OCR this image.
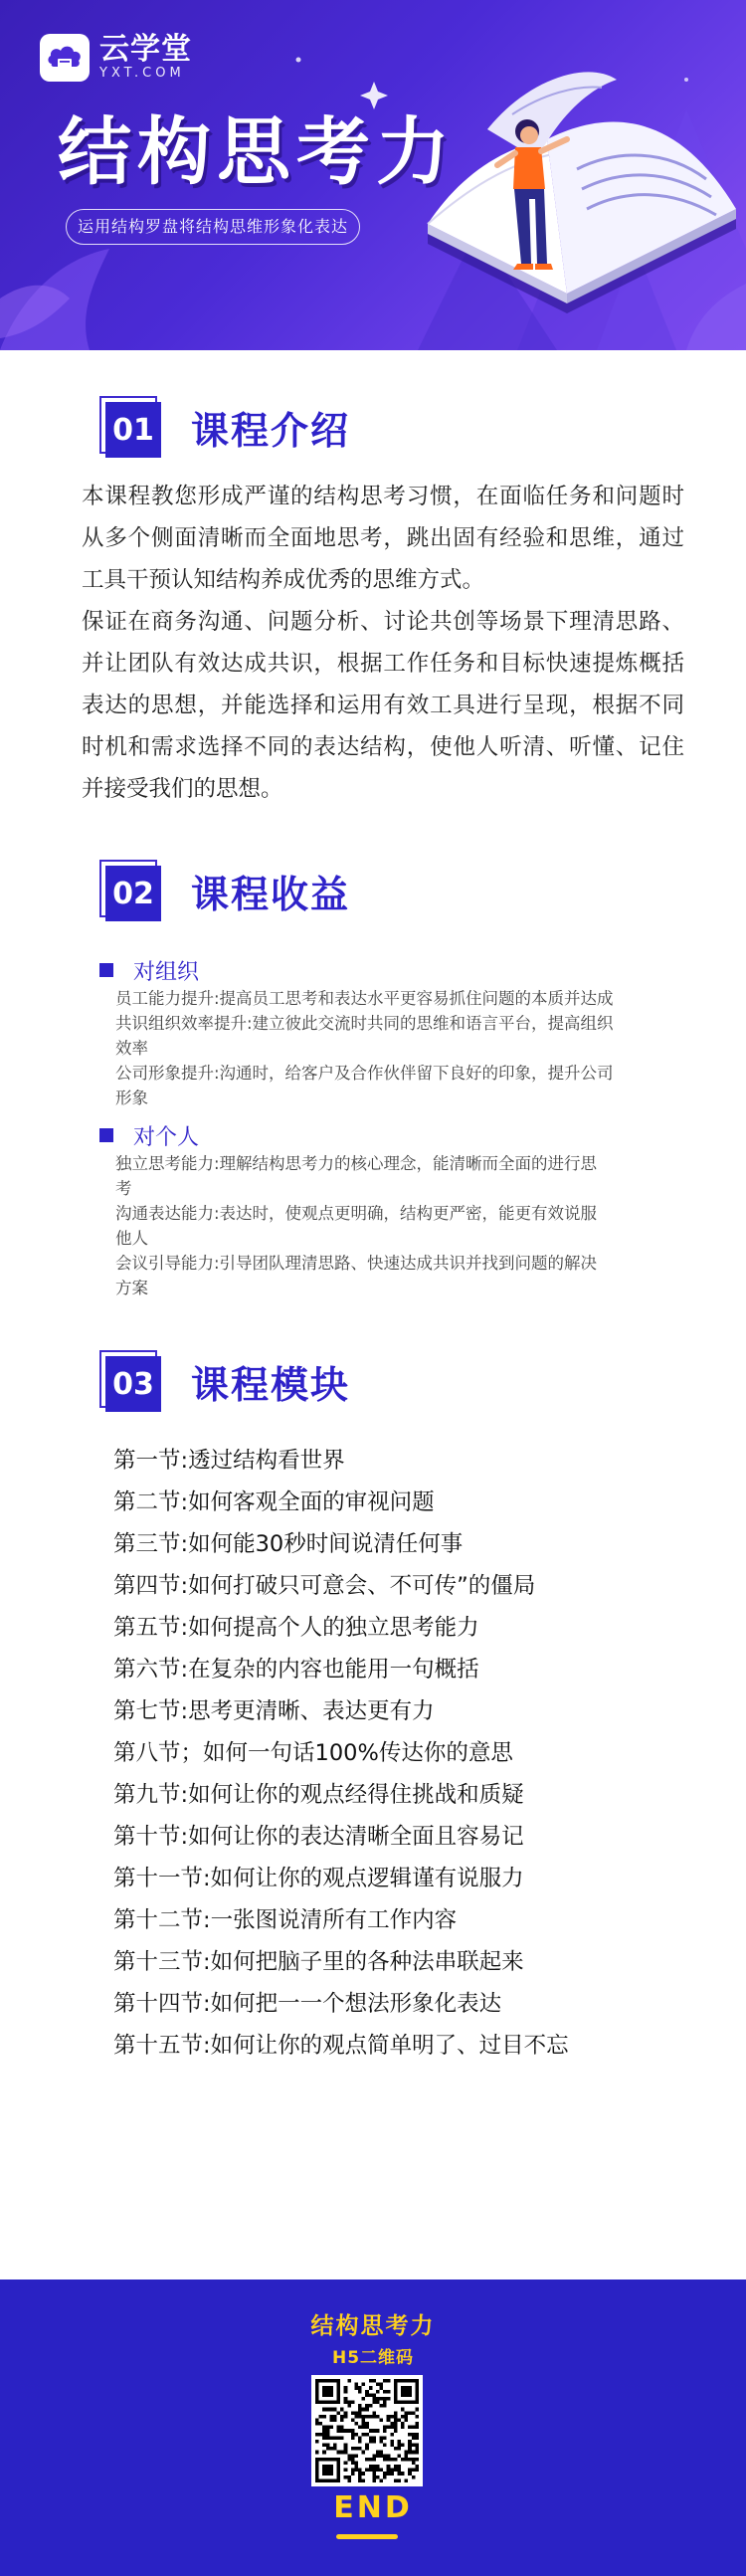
云学堂
YXT.COM
结构思考力
运用结构罗盘将结构思维形象化表达
01 课程介绍

本课程教您形成严谨的结构思考习惯，在面临任务和问题时从多个侧面清晰而全面地思考，跳出固有经验和思维，通过工具干预认知结构养成优秀的思维方式。

保证在商务沟通、问题分析、讨论共创等场景下理清思路、并让团队有效达成共识，根据工作任务和目标快速提炼概括表达的思想，并能选择和运用有效工具进行呈现，根据不同时机和需求选择不同的表达结构，使他人听清、听懂、记住并接受我们的思想。

02 课程收益
对组织
员工能力提升:提高员工思考和表达水平更容易抓住问题的本质并达成
共识组织效率提升:建立彼此交流时共同的思维和语言平台，提高组织
效率
公司形象提升:沟通时，给客户及合作伙伴留下良好的印象，提升公司
形象
对个人
独立思考能力:理解结构思考力的核心理念，能清晰而全面的进行思
考
沟通表达能力:表达时，使观点更明确，结构更严密，能更有效说服
他人
会议引导能力:引导团队理清思路、快速达成共识并找到问题的解决
方案
03 课程模块
第一节:透过结构看世界
第二节:如何客观全面的审视问题
第三节:如何能30秒时间说清任何事
第四节:如何打破只可意会、不可传”的僵局
第五节:如何提高个人的独立思考能力
第六节:在复杂的内容也能用一句概括
第七节:思考更清晰、表达更有力
第八节；如何一句话100%传达你的意思
第九节:如何让你的观点经得住挑战和质疑
第十节:如何让你的表达清晰全面且容易记
第十一节:如何让你的观点逻辑谨有说服力
第十二节:一张图说清所有工作内容
第十三节:如何把脑子里的各种法串联起来
第十四节:如何把一一个想法形象化表达
第十五节:如何让你的观点简单明了、过目不忘
结构思考力
H5二维码
END
